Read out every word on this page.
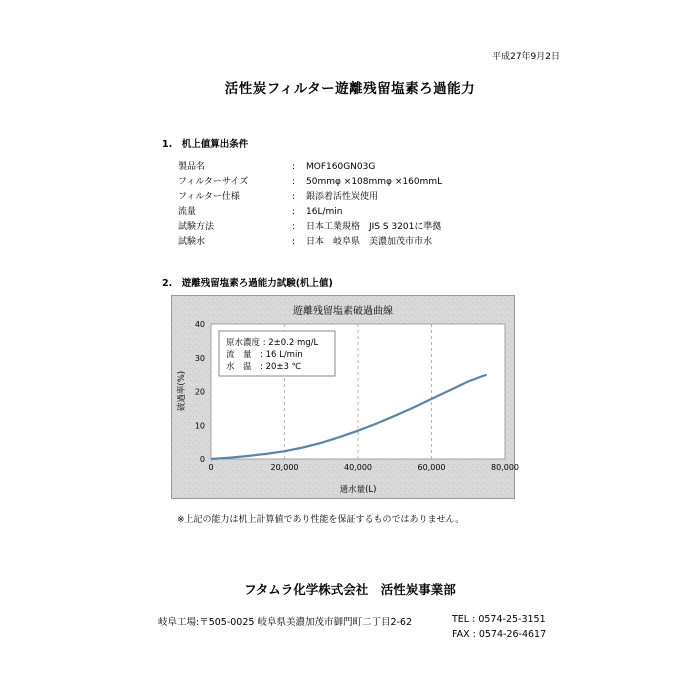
平成27年9月2日
活性炭フィルター遊離残留塩素ろ過能力
1.　机上値算出条件
製品名	: MOF160GN03G
フィルターサイズ	: 50mmφ ×108mmφ ×160mmL
フィルター仕様	: 銀添着活性炭使用
流量	: 16L/min
試験方法	: 日本工業規格　JIS S 3201に準拠
試験水	: 日本　岐阜県　美濃加茂市市水
2.　遊離残留塩素ろ過能力試験(机上値)
遊離残留塩素破過曲線
0
10
20
30
40
0	20,000	40,000	60,000	80,000
破過率(%)
通水量(L)
原水濃度 : 2±0.2 mg/L
流　量　: 16 L/min
水　温　: 20±3 ℃
※上記の能力は机上計算値であり性能を保証するものではありません。
フタムラ化学株式会社　活性炭事業部
岐阜工場:〒505-0025 岐阜県美濃加茂市御門町二丁目2-62	TEL : 0574-25-3151
FAX : 0574-26-4617
